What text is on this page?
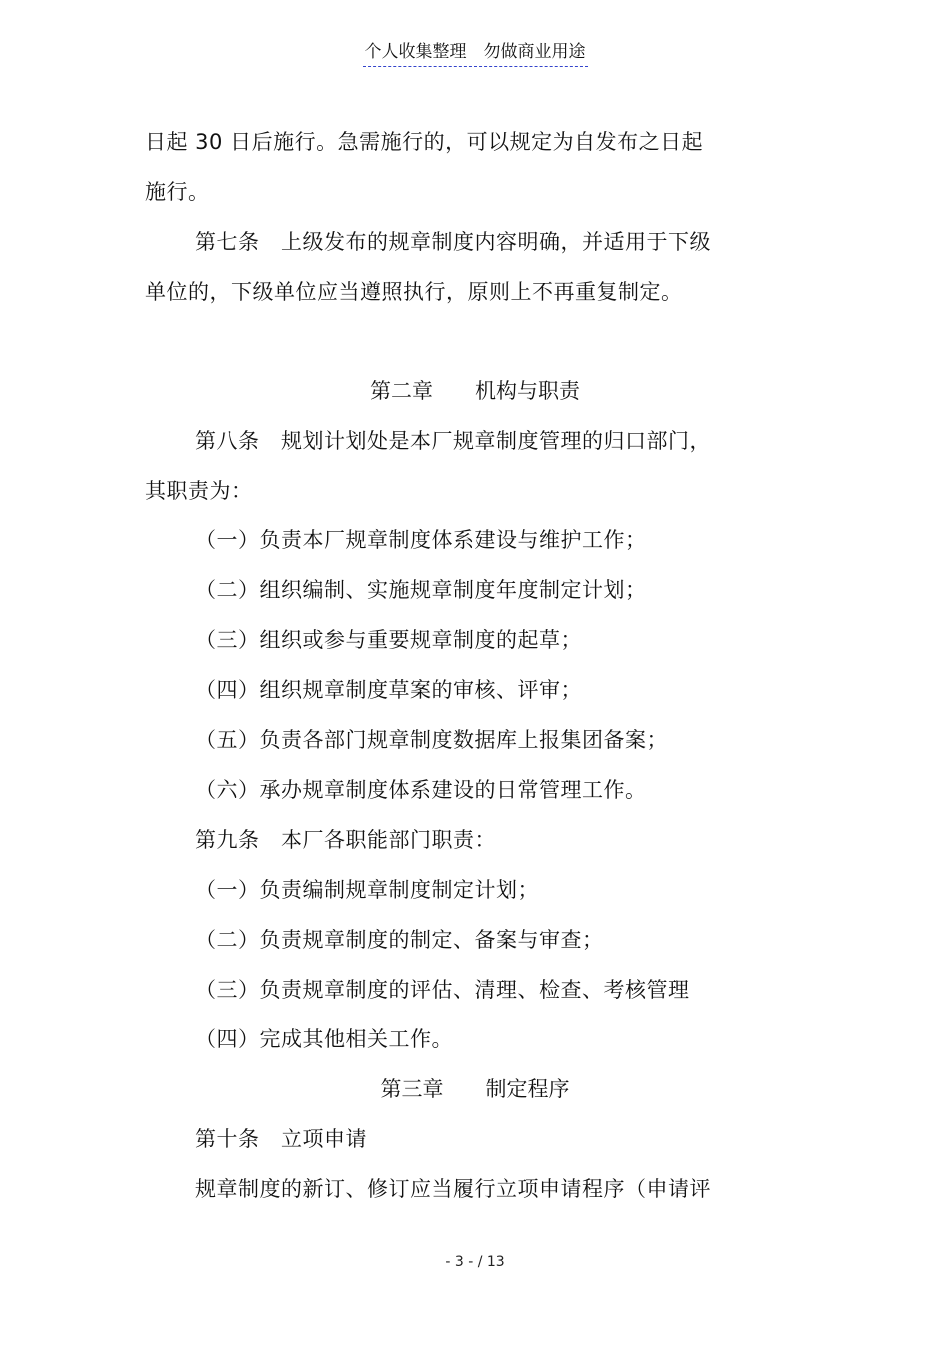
个人收集整理　勿做商业用途
日起 30 日后施行。急需施行的，可以规定为自发布之日起
施行。
第七条　上级发布的规章制度内容明确，并适用于下级
单位的，下级单位应当遵照执行，原则上不再重复制定。
第二章　　机构与职责
第八条　规划计划处是本厂规章制度管理的归口部门，
其职责为：
（一）负责本厂规章制度体系建设与维护工作；
（二）组织编制、实施规章制度年度制定计划；
（三）组织或参与重要规章制度的起草；
（四）组织规章制度草案的审核、评审；
（五）负责各部门规章制度数据库上报集团备案；
（六）承办规章制度体系建设的日常管理工作。
第九条　本厂各职能部门职责：
（一）负责编制规章制度制定计划；
（二）负责规章制度的制定、备案与审查；
（三）负责规章制度的评估、清理、检查、考核管理
（四）完成其他相关工作。
第三章　　制定程序
第十条　立项申请
规章制度的新订、修订应当履行立项申请程序（申请评
- 3 - / 13
